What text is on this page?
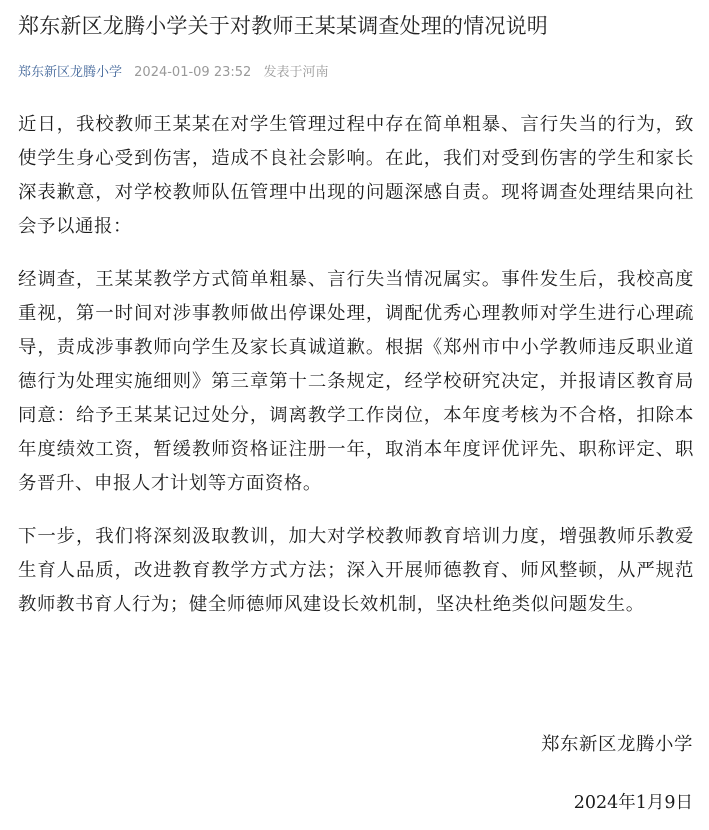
郑东新区龙腾小学关于对教师王某某调查处理的情况说明
郑东新区龙腾小学 2024-01-09 23:52 发表于河南

近日，我校教师王某某在对学生管理过程中存在简单粗暴、言行失当的行为，致使学生身心受到伤害，造成不良社会影响。在此，我们对受到伤害的学生和家长深表歉意，对学校教师队伍管理中出现的问题深感自责。现将调查处理结果向社会予以通报：

经调查，王某某教学方式简单粗暴、言行失当情况属实。事件发生后，我校高度重视，第一时间对涉事教师做出停课处理，调配优秀心理教师对学生进行心理疏导，责成涉事教师向学生及家长真诚道歉。根据《郑州市中小学教师违反职业道德行为处理实施细则》第三章第十二条规定，经学校研究决定，并报请区教育局同意：给予王某某记过处分，调离教学工作岗位，本年度考核为不合格，扣除本年度绩效工资，暂缓教师资格证注册一年，取消本年度评优评先、职称评定、职务晋升、申报人才计划等方面资格。

下一步，我们将深刻汲取教训，加大对学校教师教育培训力度，增强教师乐教爱生育人品质，改进教育教学方式方法；深入开展师德教育、师风整顿，从严规范教师教书育人行为；健全师德师风建设长效机制，坚决杜绝类似问题发生。

郑东新区龙腾小学
2024年1月9日
